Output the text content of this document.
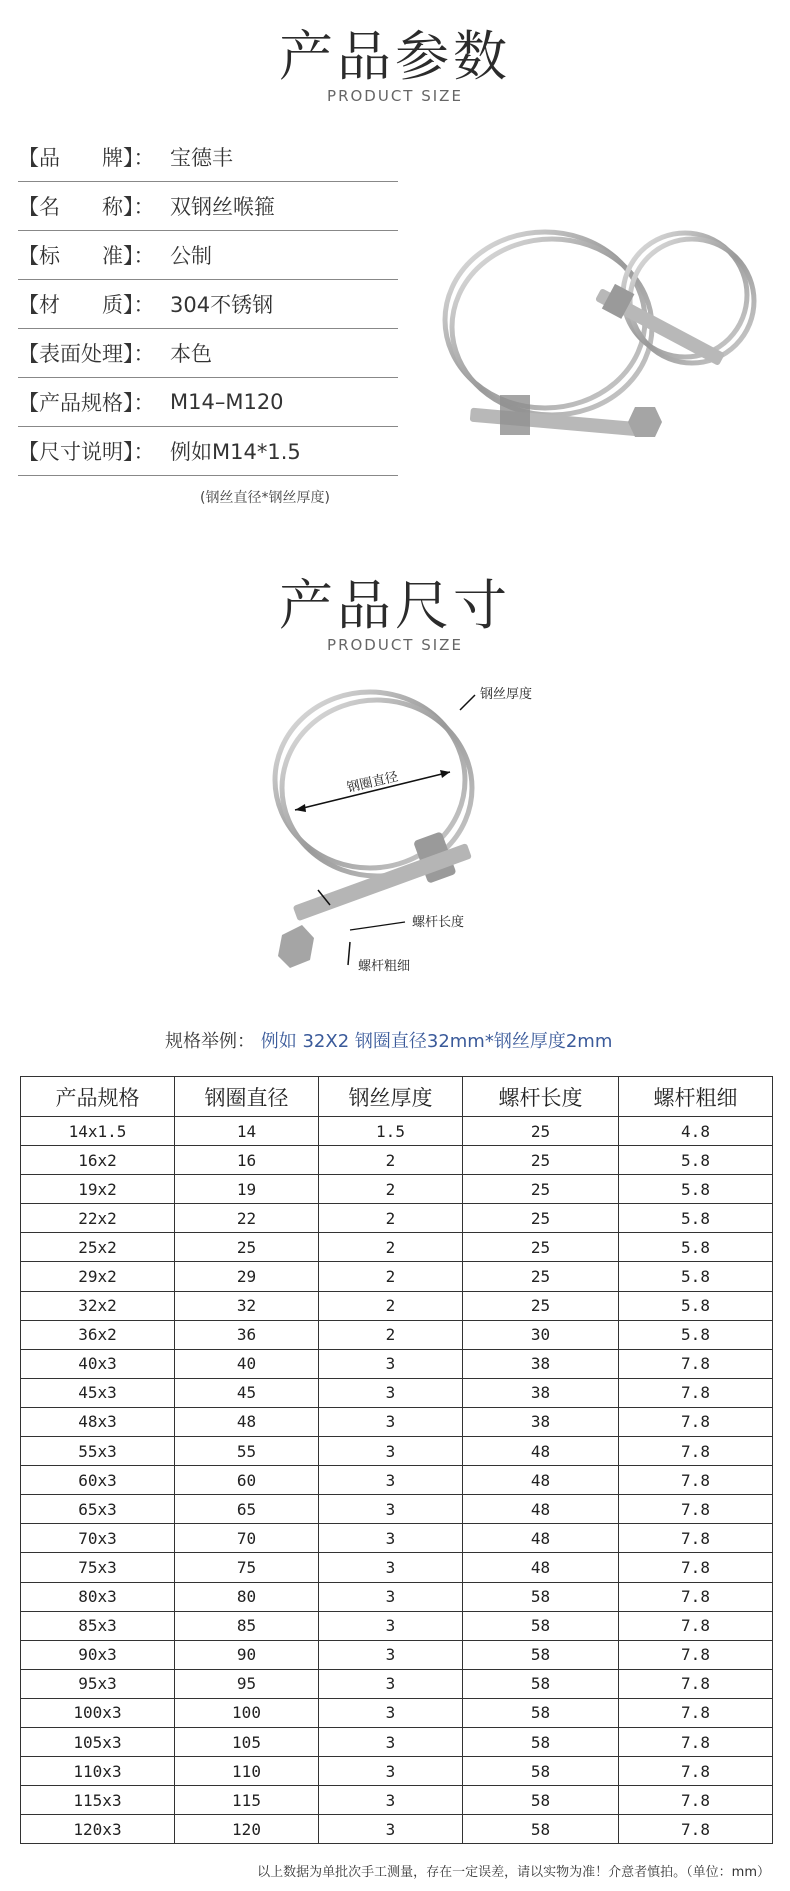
产品参数
PRODUCT SIZE
【品　　牌】： 宝德丰
【名　　称】： 双钢丝喉箍
【标　　准】： 公制
【材　　质】： 304不锈钢
【表面处理】： 本色
【产品规格】： M14–M120
【尺寸说明】： 例如M14*1.5
(钢丝直径*钢丝厚度)
产品尺寸
PRODUCT SIZE
钢丝厚度
钢圈直径
螺杆长度
螺杆粗细
规格举例： 例如 32X2 钢圈直径32mm*钢丝厚度2mm
产品规格	钢圈直径	钢丝厚度	螺杆长度	螺杆粗细
14x1.5	14	1.5	25	4.8
16x2	16	2	25	5.8
19x2	19	2	25	5.8
22x2	22	2	25	5.8
25x2	25	2	25	5.8
29x2	29	2	25	5.8
32x2	32	2	25	5.8
36x2	36	2	30	5.8
40x3	40	3	38	7.8
45x3	45	3	38	7.8
48x3	48	3	38	7.8
55x3	55	3	48	7.8
60x3	60	3	48	7.8
65x3	65	3	48	7.8
70x3	70	3	48	7.8
75x3	75	3	48	7.8
80x3	80	3	58	7.8
85x3	85	3	58	7.8
90x3	90	3	58	7.8
95x3	95	3	58	7.8
100x3	100	3	58	7.8
105x3	105	3	58	7.8
110x3	110	3	58	7.8
115x3	115	3	58	7.8
120x3	120	3	58	7.8
以上数据为单批次手工测量，存在一定误差，请以实物为准！介意者慎拍。（单位：mm）
